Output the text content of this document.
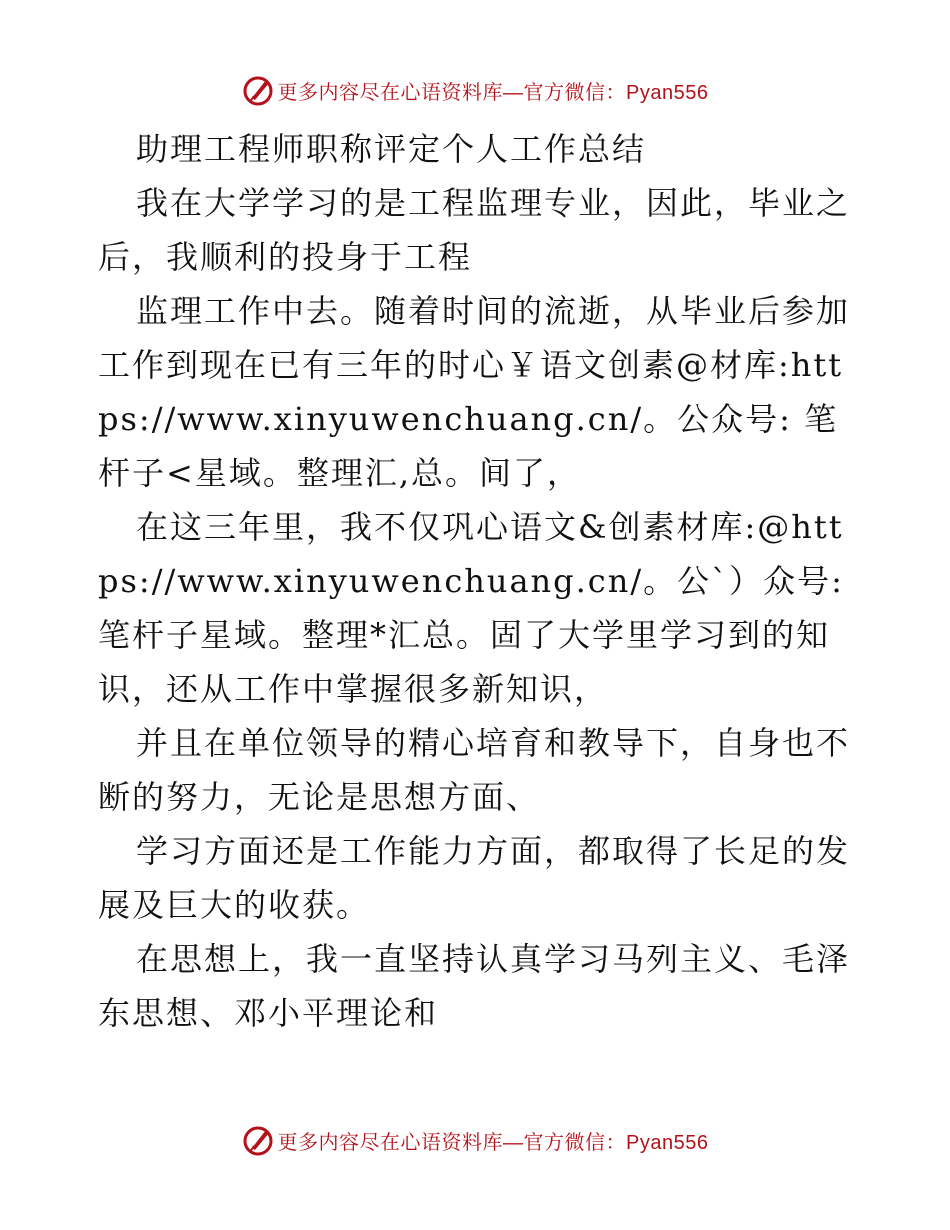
更多内容尽在心语资料库—官方微信：Pyan556

助理工程师职称评定个人工作总结

我在大学学习的是工程监理专业，因此，毕业之后，我顺利的投身于工程

监理工作中去。随着时间的流逝，从毕业后参加工作到现在已有三年的时心￥语文创素@材库:https://www.xinyuwenchuang.cn/。公众号: 笔杆子<星域。整理汇,总。间了，

在这三年里，我不仅巩心语文&创素材库:@https://www.xinyuwenchuang.cn/。公`）众号:笔杆子星域。整理*汇总。固了大学里学习到的知识，还从工作中掌握很多新知识，

并且在单位领导的精心培育和教导下，自身也不断的努力，无论是思想方面、

学习方面还是工作能力方面，都取得了长足的发展及巨大的收获。

在思想上，我一直坚持认真学习马列主义、毛泽东思想、邓小平理论和

更多内容尽在心语资料库—官方微信：Pyan556
